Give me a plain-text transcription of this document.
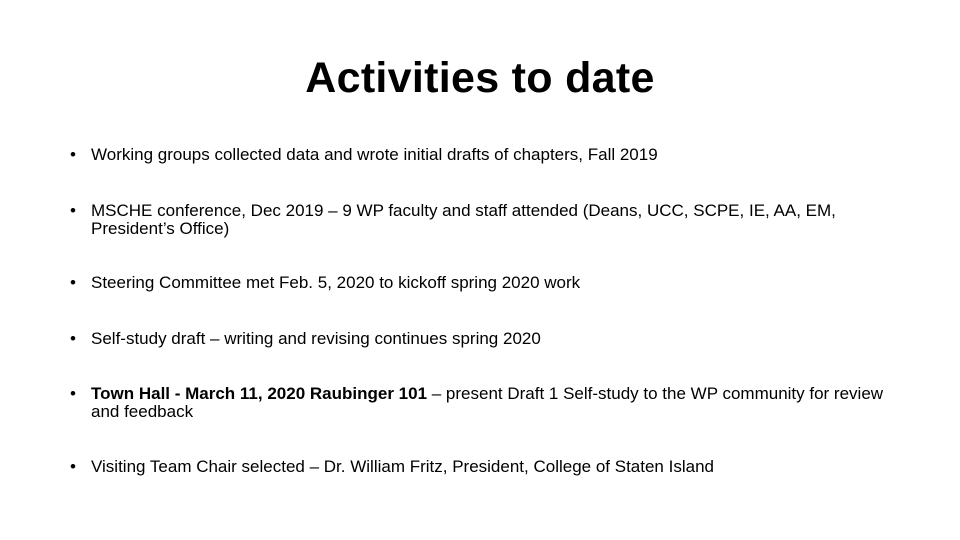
Activities to date
• Working groups collected data and wrote initial drafts of chapters, Fall 2019
• MSCHE conference, Dec 2019 – 9 WP faculty and staff attended (Deans, UCC, SCPE, IE, AA, EM, President’s Office)
• Steering Committee met Feb. 5, 2020 to kickoff spring 2020 work
• Self-study draft – writing and revising continues spring 2020
• Town Hall - March 11, 2020 Raubinger 101 – present Draft 1 Self-study to the WP community for review and feedback
• Visiting Team Chair selected – Dr. William Fritz, President, College of Staten Island
